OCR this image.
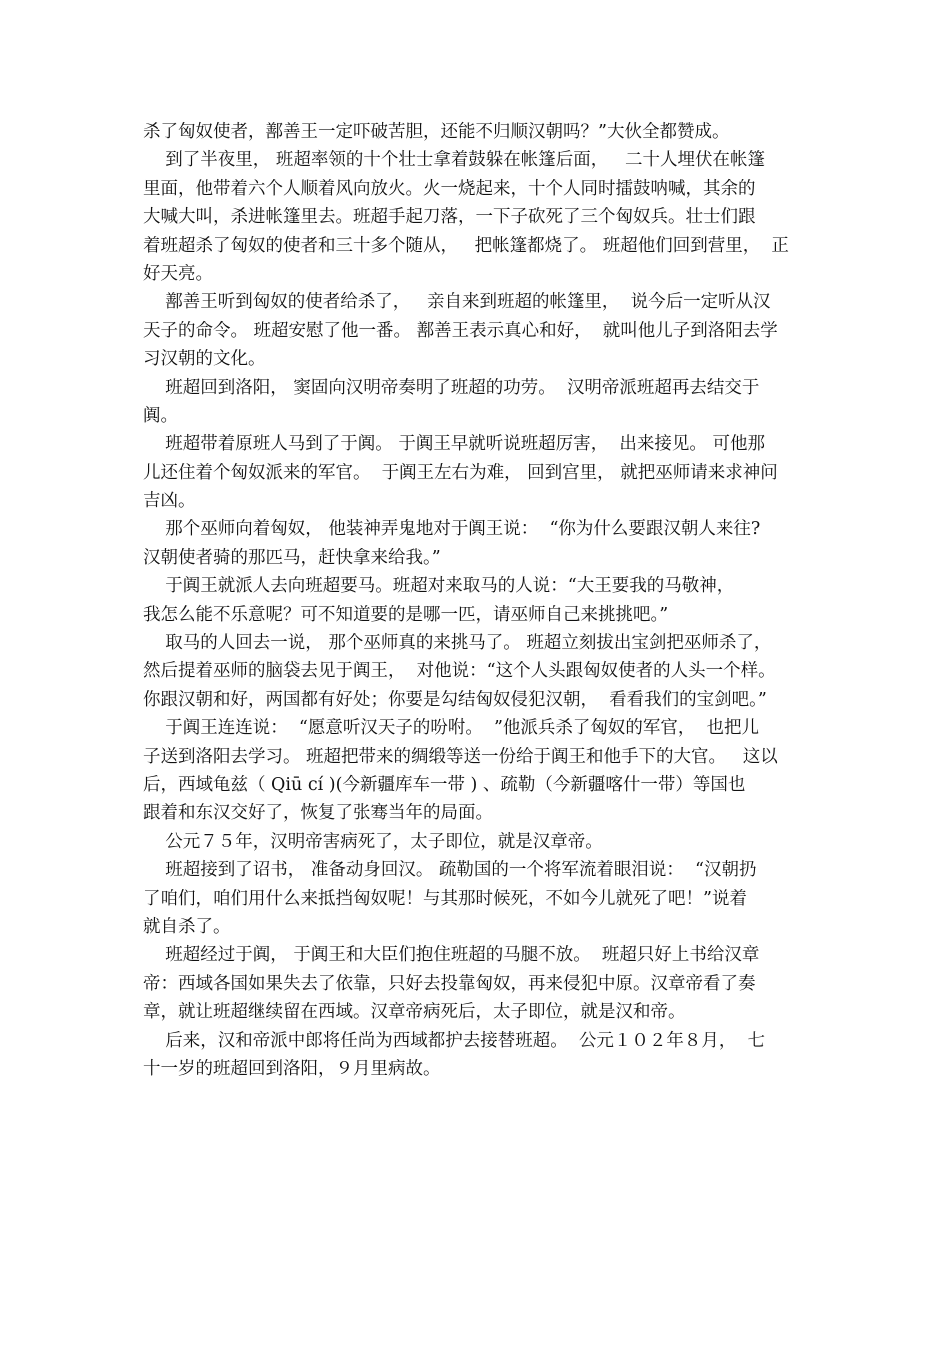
杀了匈奴使者，鄯善王一定吓破苦胆，还能不归顺汉朝吗？”大伙全都赞成。
到了半夜里， 班超率领的十个壮士拿着鼓躲在帐篷后面，   二十人埋伏在帐篷
里面，他带着六个人顺着风向放火。火一烧起来，十个人同时擂鼓呐喊，其余的
大喊大叫，杀进帐篷里去。班超手起刀落，一下子砍死了三个匈奴兵。壮士们跟
着班超杀了匈奴的使者和三十多个随从，   把帐篷都烧了。 班超他们回到营里，  正
好天亮。
鄯善王听到匈奴的使者给杀了，   亲自来到班超的帐篷里，  说今后一定听从汉
天子的命令。 班超安慰了他一番。 鄯善王表示真心和好，  就叫他儿子到洛阳去学
习汉朝的文化。
班超回到洛阳， 窦固向汉明帝奏明了班超的功劳。  汉明帝派班超再去结交于
阗。
班超带着原班人马到了于阗。 于阗王早就听说班超厉害，  出来接见。 可他那
儿还住着个匈奴派来的军官。  于阗王左右为难， 回到宫里， 就把巫师请来求神问
吉凶。
那个巫师向着匈奴， 他装神弄鬼地对于阗王说：  “你为什么要跟汉朝人来往?
汉朝使者骑的那匹马，赶快拿来给我。”
于阗王就派人去向班超要马。班超对来取马的人说：“大王要我的马敬神，
我怎么能不乐意呢？可不知道要的是哪一匹，请巫师自己来挑挑吧。”
取马的人回去一说， 那个巫师真的来挑马了。 班超立刻拔出宝剑把巫师杀了，
然后提着巫师的脑袋去见于阗王，  对他说：“这个人头跟匈奴使者的人头一个样。
你跟汉朝和好，两国都有好处；你要是勾结匈奴侵犯汉朝，  看看我们的宝剑吧。”
于阗王连连说：  “愿意听汉天子的吩咐。  ”他派兵杀了匈奴的军官，  也把儿
子送到洛阳去学习。 班超把带来的绸缎等送一份给于阗王和他手下的大官。   这以
后，西域龟兹（ Qiū cí )(今新疆库车一带 ) 、疏勒（今新疆喀什一带）等国也
跟着和东汉交好了，恢复了张骞当年的局面。
公元７５年，汉明帝害病死了，太子即位，就是汉章帝。
班超接到了诏书， 准备动身回汉。 疏勒国的一个将军流着眼泪说：  “汉朝扔
了咱们，咱们用什么来抵挡匈奴呢！与其那时候死，不如今儿就死了吧！”说着
就自杀了。
班超经过于阗， 于阗王和大臣们抱住班超的马腿不放。  班超只好上书给汉章
帝：西域各国如果失去了依靠，只好去投靠匈奴，再来侵犯中原。汉章帝看了奏
章，就让班超继续留在西域。汉章帝病死后，太子即位，就是汉和帝。
后来，汉和帝派中郎将任尚为西域都护去接替班超。  公元１０２年８月，  七
十一岁的班超回到洛阳，９月里病故。
